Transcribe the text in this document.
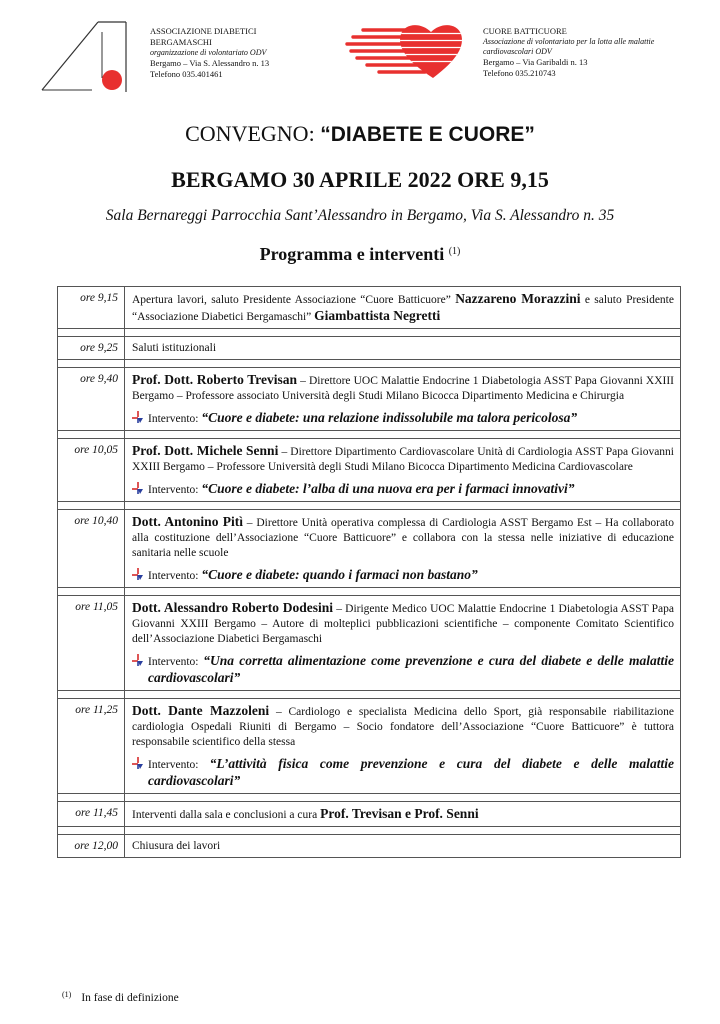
ASSOCIAZIONE DIABETICI
BERGAMASCHI
organizzazione di volontariato ODV
Bergamo – Via S. Alessandro n. 13
Telefono 035.401461
CUORE BATTICUORE
Associazione di volontariato per la lotta alle malattie
cardiovascolari ODV
Bergamo – Via Garibaldi n. 13
Telefono 035.210743
CONVEGNO: “DIABETE E CUORE”
BERGAMO 30 APRILE 2022 ORE 9,15
Sala Bernareggi Parrocchia Sant’Alessandro in Bergamo, Via S. Alessandro n. 35
Programma e interventi $^{(1)}$
ore 9,15	Apertura lavori, saluto Presidente Associazione “Cuore Batticuore” Nazzareno Morazzini e saluto Presidente “Associazione Diabetici Bergamaschi” Giambattista Negretti

ore 9,25	Saluti istituzionali

ore 9,40	Prof. Dott. Roberto Trevisan – Direttore UOC Malattie Endocrine 1 Diabetologia ASST Papa Giovanni XXIII Bergamo – Professore associato Università degli Studi Milano Bicocca Dipartimento Medicina e Chirurgia
Intervento: “Cuore e diabete: una relazione indissolubile ma talora pericolosa”

ore 10,05	Prof. Dott. Michele Senni – Direttore Dipartimento Cardiovascolare Unità di Cardiologia ASST Papa Giovanni XXIII Bergamo – Professore Università degli Studi Milano Bicocca Dipartimento Medicina Cardiovascolare
Intervento: “Cuore e diabete: l’alba di una nuova era per i farmaci innovativi”

ore 10,40	Dott. Antonino Pitì – Direttore Unità operativa complessa di Cardiologia ASST Bergamo Est – Ha collaborato alla costituzione dell’Associazione “Cuore Batticuore” e collabora con la stessa nelle iniziative di educazione sanitaria nelle scuole
Intervento: “Cuore e diabete: quando i farmaci non bastano”

ore 11,05	Dott. Alessandro Roberto Dodesini – Dirigente Medico UOC Malattie Endocrine 1 Diabetologia ASST Papa Giovanni XXIII Bergamo – Autore di molteplici pubblicazioni scientifiche – componente Comitato Scientifico dell’Associazione Diabetici Bergamaschi
Intervento: “Una corretta alimentazione come prevenzione e cura del diabete e delle malattie cardiovascolari”

ore 11,25	Dott. Dante Mazzoleni – Cardiologo e specialista Medicina dello Sport, già responsabile riabilitazione cardiologia Ospedali Riuniti di Bergamo – Socio fondatore dell’Associazione “Cuore Batticuore” è tuttora responsabile scientifico della stessa
Intervento: “L’attività fisica come prevenzione e cura del diabete e delle malattie cardiovascolari”

ore 11,45	Interventi dalla sala e conclusioni a cura Prof. Trevisan e Prof. Senni

ore 12,00	Chiusura dei lavori
$^{(1)}$ In fase di definizione
